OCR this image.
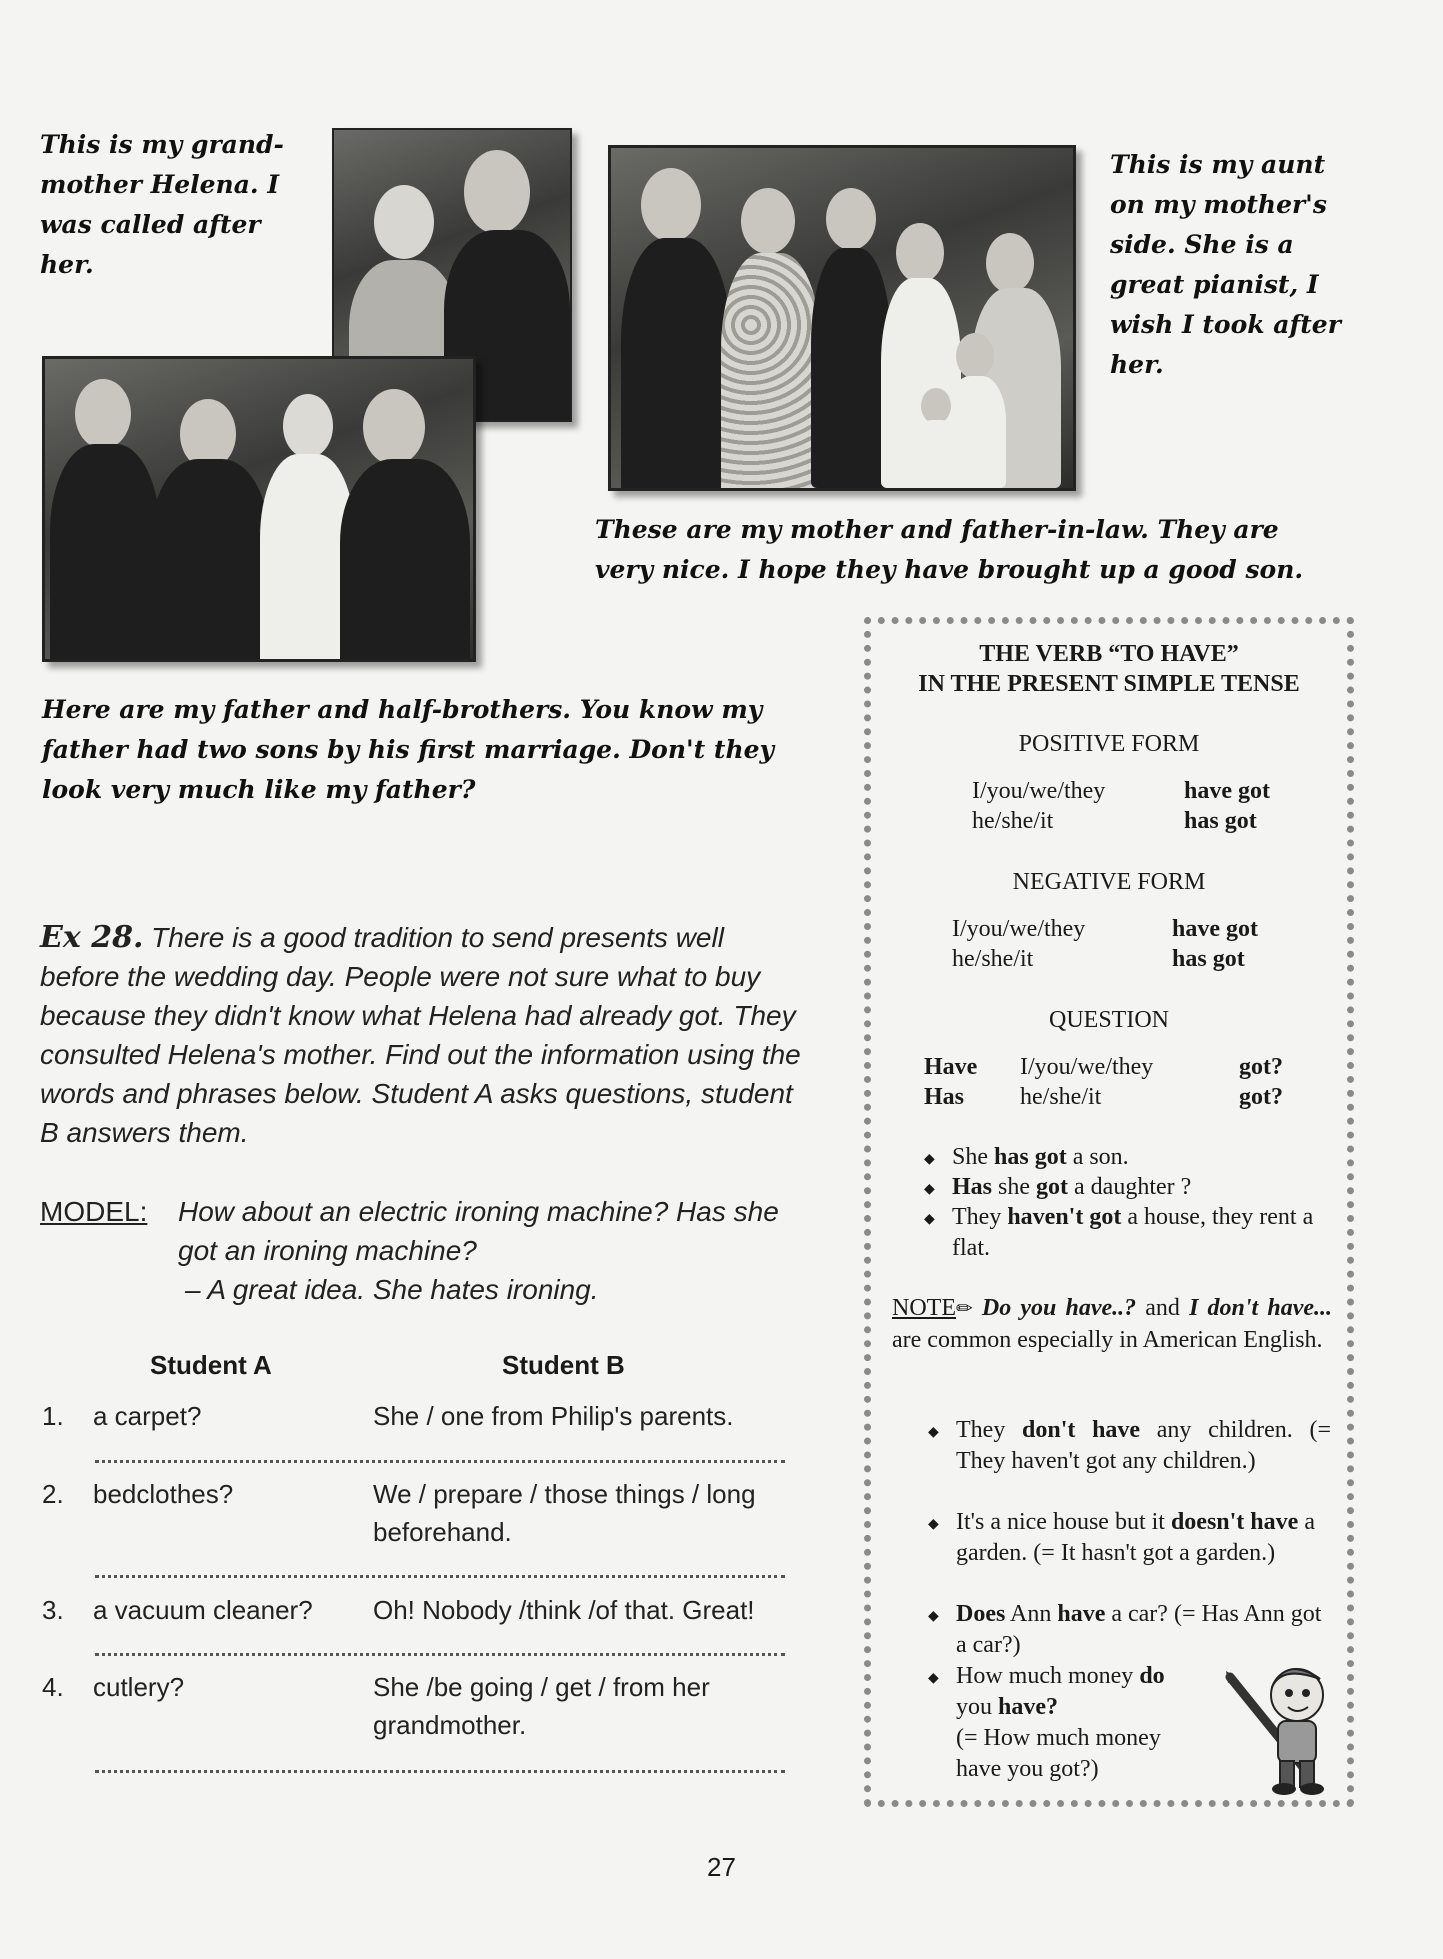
This is my grand-mother Helena. I was called after her.
This is my aunt on my mother's side. She is a great pianist, I wish I took after her.
These are my mother and father-in-law. They are very nice. I hope they have brought up a good son.
Here are my father and half-brothers. You know my father had two sons by his first marriage. Don't they look very much like my father?
Ex 28. There is a good tradition to send presents well before the wedding day. People were not sure what to buy because they didn't know what Helena had already got. They consulted Helena's mother. Find out the information using the words and phrases below. Student A asks questions, student B answers them.
MODEL: How about an electric ironing machine? Has she got an ironing machine?
– A great idea. She hates ironing.
Student A	Student B
1. a carpet?	She / one from Philip's parents.
2. bedclothes?	We / prepare / those things / long beforehand.
3. a vacuum cleaner? Oh! Nobody /think /of that. Great!
4. cutlery?	She /be going / get / from her grandmother.
THE VERB “TO HAVE”
IN THE PRESENT SIMPLE TENSE
POSITIVE FORM
I/you/we/they	have got
he/she/it	has got
NEGATIVE FORM
I/you/we/they	have got
he/she/it	has got
QUESTION
Have I/you/we/they	got?
Has he/she/it	got?
◆ She has got a son.
◆ Has she got a daughter ?
◆ They haven't got a house, they rent a flat.
NOTE✏ Do you have..? and I don't have... are common especially in American English.
◆ They don't have any children. (= They haven't got any children.)
◆ It's a nice house but it doesn't have a garden. (= It hasn't got a garden.)
◆ Does Ann have a car? (= Has Ann got a car?)
◆ How much money do you have?
(= How much money have you got?)
27
